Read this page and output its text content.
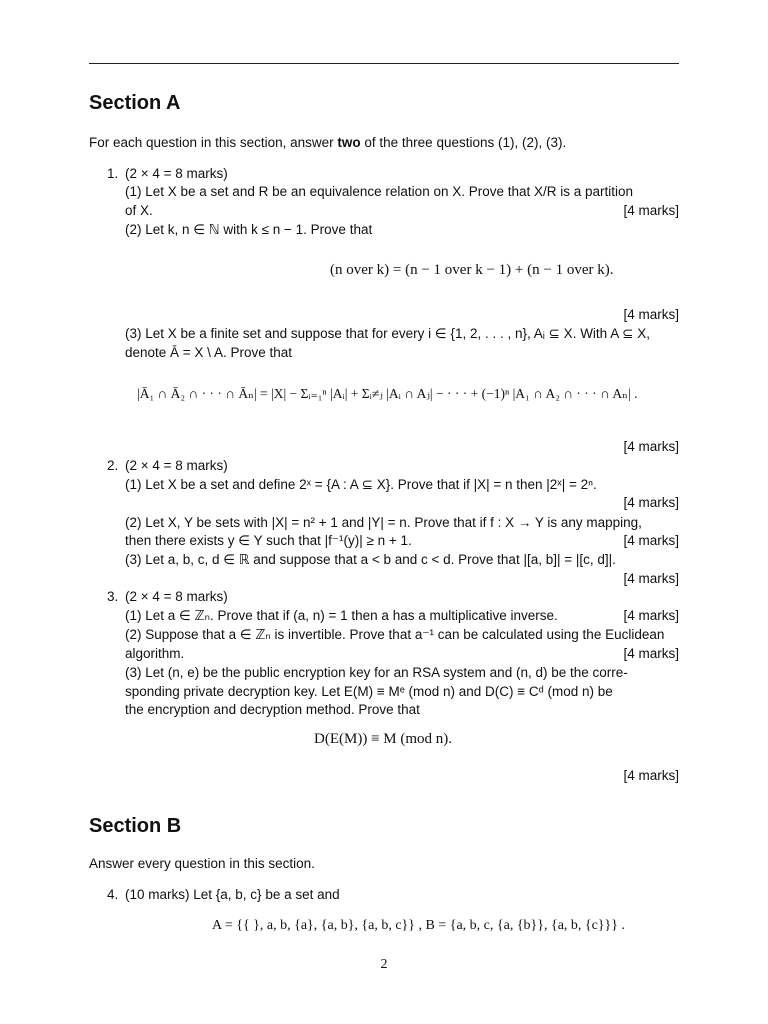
Section A
For each question in this section, answer two of the three questions (1), (2), (3).
1. (2 × 4 = 8 marks)
(1) Let X be a set and R be an equivalence relation on X. Prove that X/R is a partition
of X.	[4 marks]
(2) Let k, n ∈ ℕ with k ≤ n − 1. Prove that
(n over k) = (n − 1 over k − 1) + (n − 1 over k).
[4 marks]
(3) Let X be a finite set and suppose that for every i ∈ {1, 2, . . . , n}, Aᵢ ⊆ X. With A ⊆ X,
denote Ā = X \ A. Prove that
|Ā₁ ∩ Ā₂ ∩ · · · ∩ Āₙ| = |X| − Σᵢ₌₁ⁿ |Aᵢ| + Σᵢ≠ⱼ |Aᵢ ∩ Aⱼ| − · · · + (−1)ⁿ |A₁ ∩ A₂ ∩ · · · ∩ Aₙ| .
[4 marks]
2. (2 × 4 = 8 marks)
(1) Let X be a set and define 2ˣ = {A : A ⊆ X}. Prove that if |X| = n then |2ˣ| = 2ⁿ.
[4 marks]
(2) Let X, Y be sets with |X| = n² + 1 and |Y| = n. Prove that if f : X → Y is any mapping,
then there exists y ∈ Y such that |f⁻¹(y)| ≥ n + 1.	[4 marks]
(3) Let a, b, c, d ∈ ℝ and suppose that a < b and c < d. Prove that |[a, b]| = |[c, d]|.
[4 marks]
3. (2 × 4 = 8 marks)
(1) Let a ∈ ℤₙ. Prove that if (a, n) = 1 then a has a multiplicative inverse.	[4 marks]
(2) Suppose that a ∈ ℤₙ is invertible. Prove that a⁻¹ can be calculated using the Euclidean
algorithm.	[4 marks]
(3) Let (n, e) be the public encryption key for an RSA system and (n, d) be the corre-
sponding private decryption key. Let E(M) ≡ Mᵉ (mod n) and D(C) ≡ Cᵈ (mod n) be
the encryption and decryption method. Prove that
D(E(M)) ≡ M (mod n).
[4 marks]
Section B
Answer every question in this section.
4. (10 marks) Let {a, b, c} be a set and
A = {{ }, a, b, {a}, {a, b}, {a, b, c}} , B = {a, b, c, {a, {b}}, {a, b, {c}}} .
2
